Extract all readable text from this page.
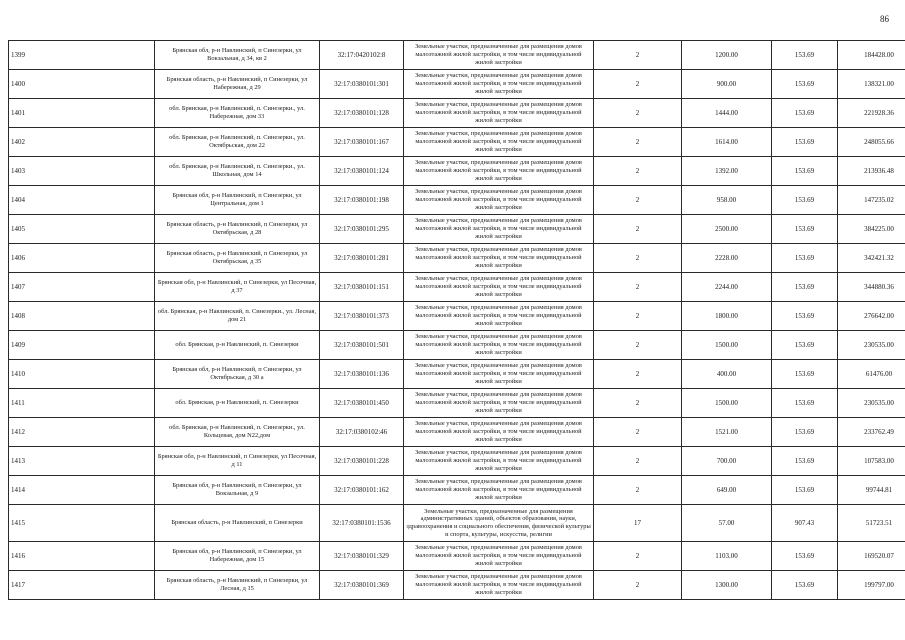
86
1399	Брянская обл, р-н Навлинский, п Синезерки, ул Вокзальная, д 34, кв 2	32:17:0420102:8	Земельные участки, предназначенные для размещения домов малоэтажной жилой застройки, в том числе индивидуальной жилой застройки	2	1200.00	153.69	184428.00	
1400	Брянская область, р-н Навлинский, п Синезерки, ул Набережная, д 29	32:17:0380101:301	Земельные участки, предназначенные для размещения домов малоэтажной жилой застройки, в том числе индивидуальной жилой застройки	2	900.00	153.69	138321.00	
1401	обл. Брянская, р-н Навлинский, п. Синезерки., ул. Набережная, дом 33	32:17:0380101:128	Земельные участки, предназначенные для размещения домов малоэтажной жилой застройки, в том числе индивидуальной жилой застройки	2	1444.00	153.69	221928.36	
1402	обл. Брянская, р-н Навлинский, п. Синезерки., ул. Октябрьская, дом 22	32:17:0380101:167	Земельные участки, предназначенные для размещения домов малоэтажной жилой застройки, в том числе индивидуальной жилой застройки	2	1614.00	153.69	248055.66	
1403	обл. Брянская, р-н Навлинский, п. Синезерки., ул. Школьная, дом 14	32:17:0380101:124	Земельные участки, предназначенные для размещения домов малоэтажной жилой застройки, в том числе индивидуальной жилой застройки	2	1392.00	153.69	213936.48	
1404	Брянская обл, р-н Навлинский, п Синезерки, ул Центральная, дом 1	32:17:0380101:198	Земельные участки, предназначенные для размещения домов малоэтажной жилой застройки, в том числе индивидуальной жилой застройки	2	958.00	153.69	147235.02	
1405	Брянская область, р-н Навлинский, п Синезерки, ул Октябрьская, д 28	32:17:0380101:295	Земельные участки, предназначенные для размещения домов малоэтажной жилой застройки, в том числе индивидуальной жилой застройки	2	2500.00	153.69	384225.00	
1406	Брянская область, р-н Навлинский, п Синезерки, ул Октябрьская, д 35	32:17:0380101:281	Земельные участки, предназначенные для размещения домов малоэтажной жилой застройки, в том числе индивидуальной жилой застройки	2	2228.00	153.69	342421.32	
1407	Брянская обл, р-н Навлинский, п Синезерки, ул Песочная, д 37	32:17:0380101:151	Земельные участки, предназначенные для размещения домов малоэтажной жилой застройки, в том числе индивидуальной жилой застройки	2	2244.00	153.69	344880.36	
1408	обл. Брянская, р-н Навлинский, п. Синезерки., ул. Лесная, дом 21	32:17:0380101:373	Земельные участки, предназначенные для размещения домов малоэтажной жилой застройки, в том числе индивидуальной жилой застройки	2	1800.00	153.69	276642.00	
1409	обл. Брянская, р-н Навлинский, п. Синезерки	32:17:0380101:501	Земельные участки, предназначенные для размещения домов малоэтажной жилой застройки, в том числе индивидуальной жилой застройки	2	1500.00	153.69	230535.00	
1410	Брянская обл, р-н Навлинский, п Синезерки, ул Октябрьская, д 30 а	32:17:0380101:136	Земельные участки, предназначенные для размещения домов малоэтажной жилой застройки, в том числе индивидуальной жилой застройки	2	400.00	153.69	61476.00	
1411	обл. Брянская, р-н Навлинский, п. Синезерки	32:17:0380101:450	Земельные участки, предназначенные для размещения домов малоэтажной жилой застройки, в том числе индивидуальной жилой застройки	2	1500.00	153.69	230535.00	
1412	обл. Брянская, р-н Навлинский, п. Синезерки., ул. Кольцевая, дом N22,дом	32:17:0380102:46	Земельные участки, предназначенные для размещения домов малоэтажной жилой застройки, в том числе индивидуальной жилой застройки	2	1521.00	153.69	233762.49	
1413	Брянская обл, р-н Навлинский, п Синезерки, ул Песочная, д 11	32:17:0380101:228	Земельные участки, предназначенные для размещения домов малоэтажной жилой застройки, в том числе индивидуальной жилой застройки	2	700.00	153.69	107583.00	
1414	Брянская обл, р-н Навлинский, п Синезерки, ул Вокзальная, д 9	32:17:0380101:162	Земельные участки, предназначенные для размещения домов малоэтажной жилой застройки, в том числе индивидуальной жилой застройки	2	649.00	153.69	99744.81	
1415	Брянская область, р-н Навлинский, п Синезерки	32:17:0380101:1536	Земельные участки, предназначенные для размещения административных зданий, объектов образования, науки, здравоохранения и социального обеспечения, физической культуры и спорта, культуры, искусства, религии	17	57.00	907.43	51723.51	
1416	Брянская обл, р-н Навлинский, п Синезерки, ул Набережная, дом 15	32:17:0380101:329	Земельные участки, предназначенные для размещения домов малоэтажной жилой застройки, в том числе индивидуальной жилой застройки	2	1103.00	153.69	169520.07	
1417	Брянская область, р-н Навлинский, п Синезерки, ул Лесная, д 15	32:17:0380101:369	Земельные участки, предназначенные для размещения домов малоэтажной жилой застройки, в том числе индивидуальной жилой застройки	2	1300.00	153.69	199797.00	
